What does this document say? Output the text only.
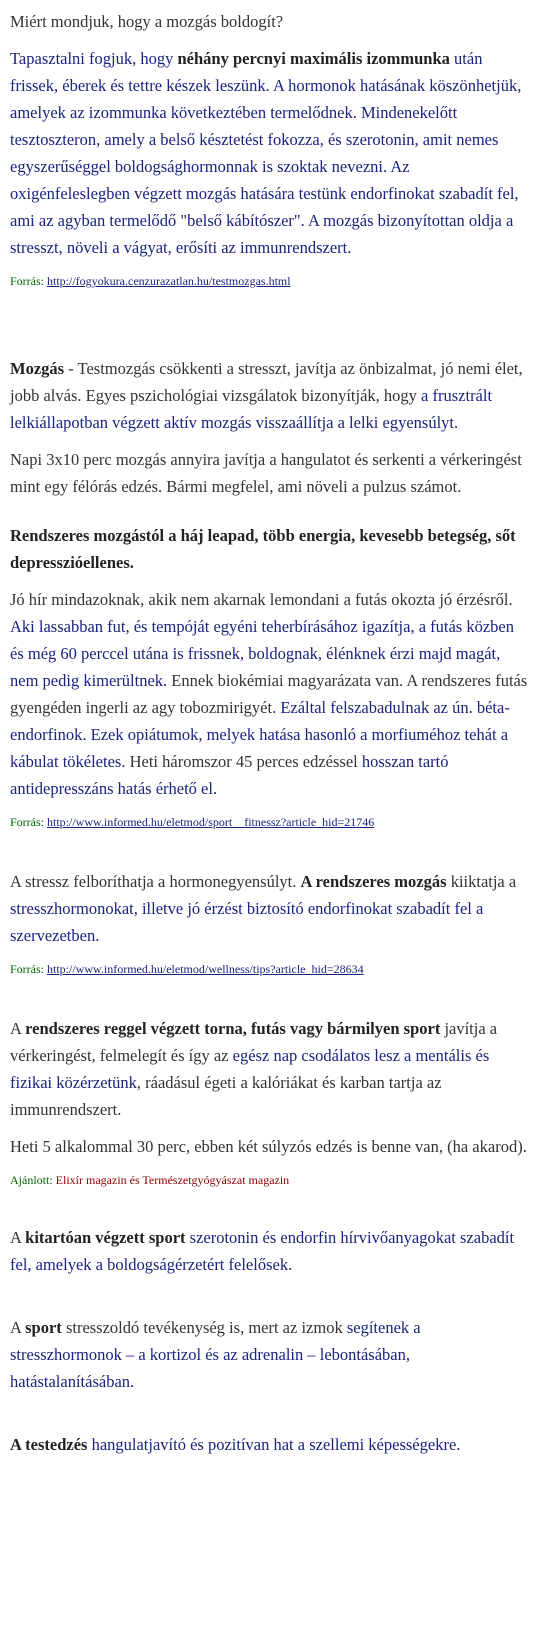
Miért mondjuk, hogy a mozgás boldogít?

Tapasztalni fogjuk, hogy néhány percnyi maximális izommunka után frissek, éberek és tettre készek leszünk. A hormonok hatásának köszönhetjük, amelyek az izommunka következtében termelődnek. Mindenekelőtt tesztoszteron, amely a belső késztetést fokozza, és szerotonin, amit nemes egyszerűséggel boldogsághormonnak is szoktak nevezni. Az oxigénfeleslegben végzett mozgás hatására testünk endorfinokat szabadít fel, ami az agyban termelődő "belső kábítószer". A mozgás bizonyítottan oldja a stresszt, növeli a vágyat, erősíti az immunrendszert.

Forrás: http://fogyokura.cenzurazatlan.hu/testmozgas.html

Mozgás - Testmozgás csökkenti a stresszt, javítja az önbizalmat, jó nemi élet, jobb alvás. Egyes pszichológiai vizsgálatok bizonyítják, hogy a frusztrált lelkiállapotban végzett aktív mozgás visszaállítja a lelki egyensúlyt.

Napi 3x10 perc mozgás annyira javítja a hangulatot és serkenti a vérkeringést mint egy félórás edzés. Bármi megfelel, ami növeli a pulzus számot.

Rendszeres mozgástól a háj leapad, több energia, kevesebb betegség, sőt depresszióellenes.

Jó hír mindazoknak, akik nem akarnak lemondani a futás okozta jó érzésről. Aki lassabban fut, és tempóját egyéni teherbírásához igazítja, a futás közben és még 60 perccel utána is frissnek, boldognak, élénknek érzi majd magát, nem pedig kimerültnek. Ennek biokémiai magyarázata van. A rendszeres futás gyengéden ingerli az agy tobozmirigyét. Ezáltal felszabadulnak az ún. béta-endorfinok. Ezek opiátumok, melyek hatása hasonló a morfiuméhoz tehát a kábulat tökéletes. Heti háromszor 45 perces edzéssel hosszan tartó antidepresszáns hatás érhető el.

Forrás: http://www.informed.hu/eletmod/sport__fitnessz?article_hid=21746

A stressz felboríthatja a hormonegyensúlyt. A rendszeres mozgás kiiktatja a stresszhormonokat, illetve jó érzést biztosító endorfinokat szabadít fel a szervezetben.

Forrás: http://www.informed.hu/eletmod/wellness/tips?article_hid=28634

A rendszeres reggel végzett torna, futás vagy bármilyen sport javítja a vérkeringést, felmelegít és így az egész nap csodálatos lesz a mentális és fizikai közérzetünk, ráadásul égeti a kalóriákat és karban tartja az immunrendszert.

Heti 5 alkalommal 30 perc, ebben két súlyzós edzés is benne van, (ha akarod).

Ajánlott: Elixír magazin és Természetgyógyászat magazin

A kitartóan végzett sport szerotonin és endorfin hírvivőanyagokat szabadít fel, amelyek a boldogságérzetért felelősek.

A sport stresszoldó tevékenység is, mert az izmok segítenek a stresszhormonok – a kortizol és az adrenalin – lebontásában, hatástalanításában.

A testedzés hangulatjavító és pozitívan hat a szellemi képességekre.
